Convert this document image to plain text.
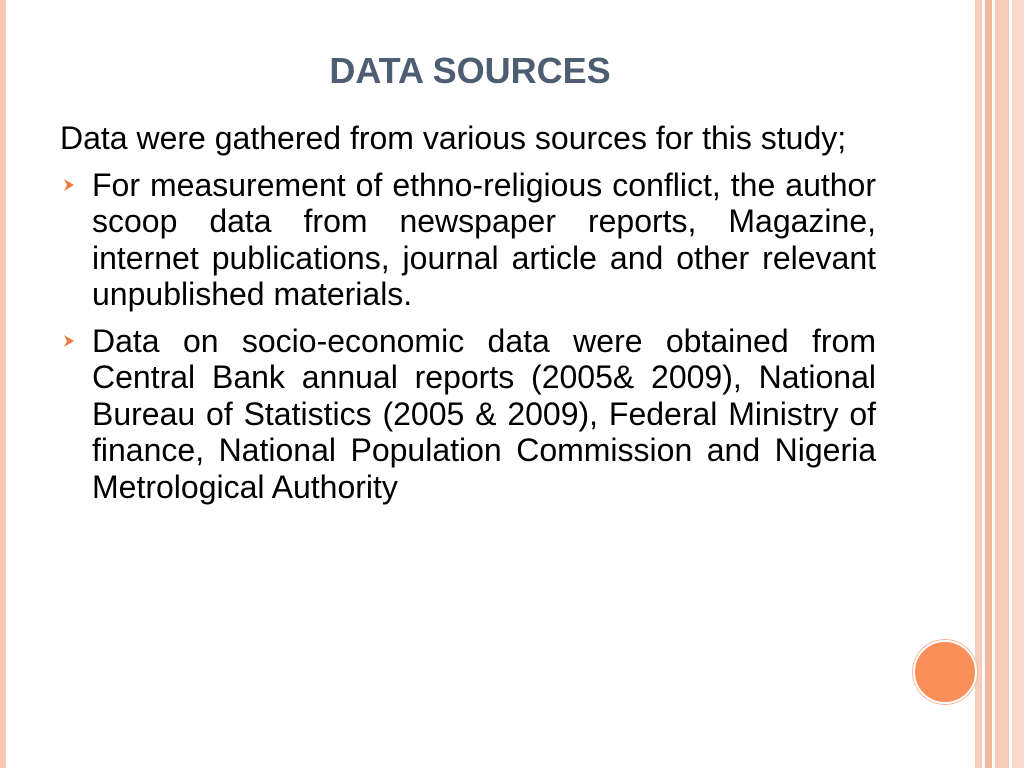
DATA SOURCES
Data were gathered from various sources for this study;
For measurement of ethno-religious conflict, the author scoop data from newspaper reports, Magazine, internet publications, journal article and other relevant unpublished materials.
Data on socio-economic data were obtained from Central Bank annual reports (2005& 2009), National Bureau of Statistics (2005 & 2009), Federal Ministry of finance, National Population Commission and Nigeria Metrological Authority
